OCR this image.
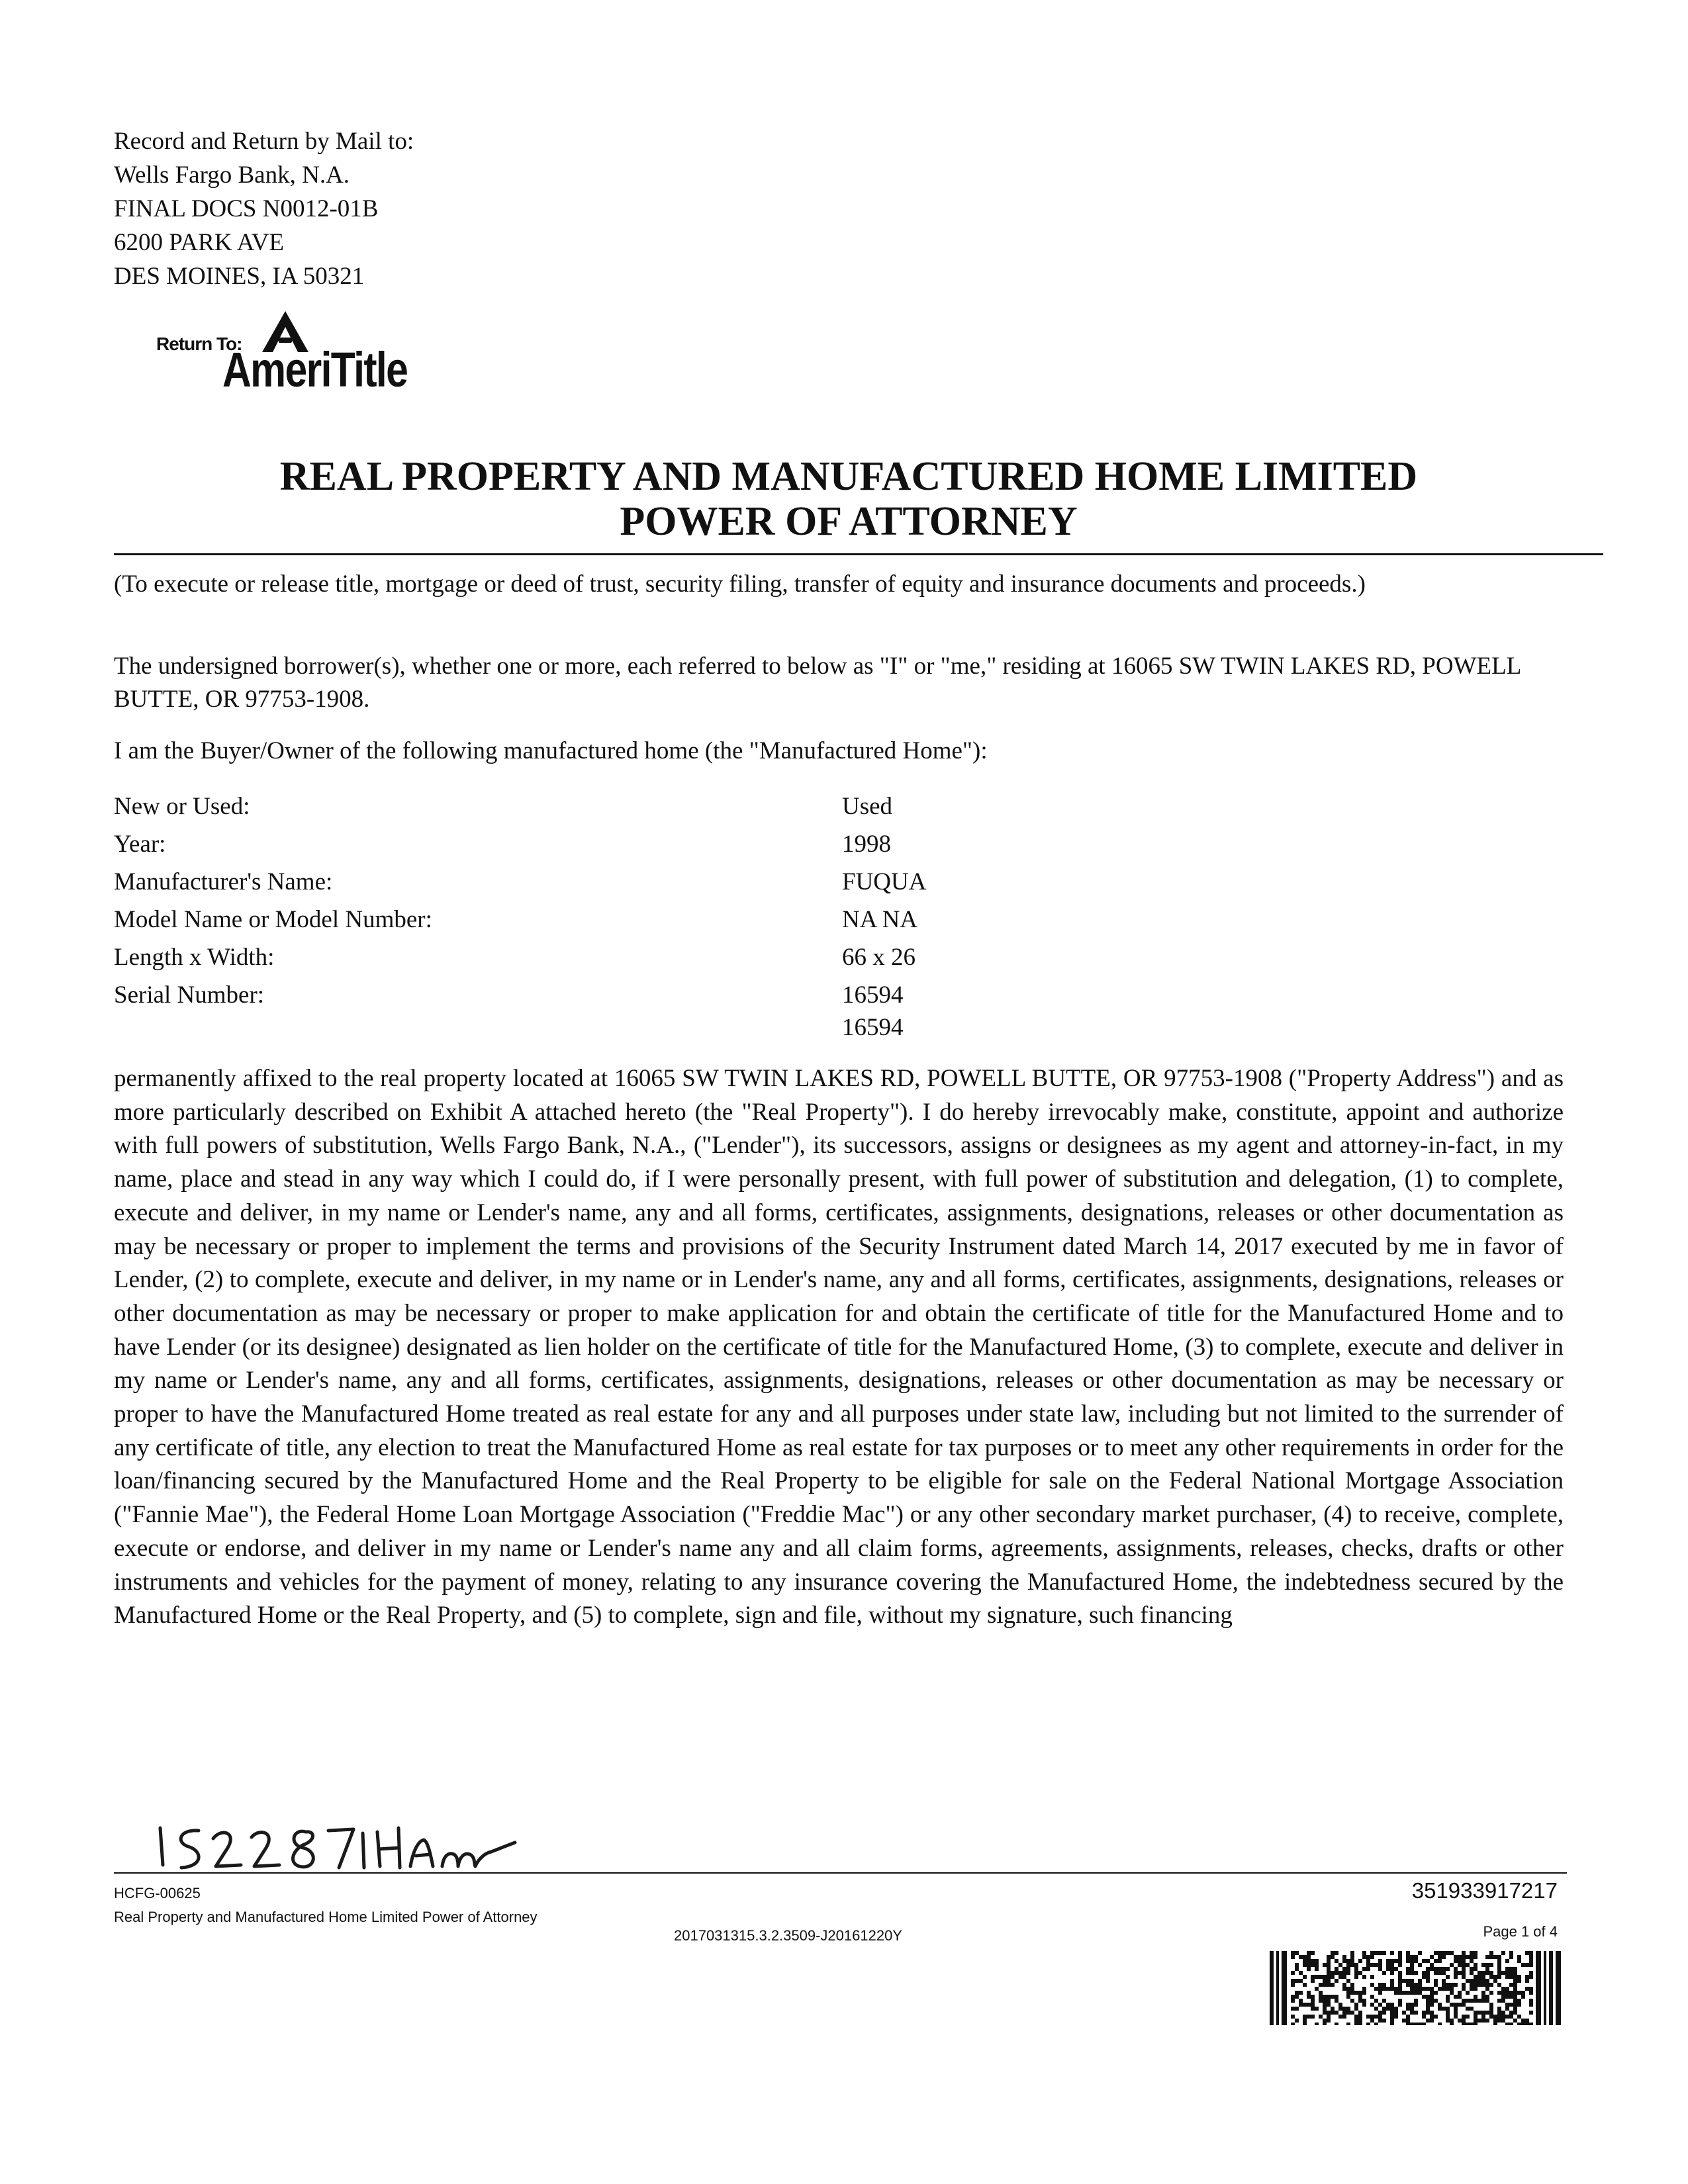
Record and Return by Mail to:
Wells Fargo Bank, N.A.
FINAL DOCS N0012-01B
6200 PARK AVE
DES MOINES, IA 50321
Return To:
AmeriTitle
REAL PROPERTY AND MANUFACTURED HOME LIMITED
POWER OF ATTORNEY
(To execute or release title, mortgage or deed of trust, security filing, transfer of equity and insurance documents and proceeds.)
The undersigned borrower(s), whether one or more, each referred to below as "I" or "me," residing at 16065 SW TWIN LAKES RD, POWELL BUTTE, OR 97753-1908.
I am the Buyer/Owner of the following manufactured home (the "Manufactured Home"):
New or Used:	Used
Year:	1998
Manufacturer's Name:	FUQUA
Model Name or Model Number:	NA NA
Length x Width:	66 x 26
Serial Number:	16594
16594
permanently affixed to the real property located at 16065 SW TWIN LAKES RD, POWELL BUTTE, OR 97753-1908 ("Property Address") and as more particularly described on Exhibit A attached hereto (the "Real Property"). I do hereby irrevocably make, constitute, appoint and authorize with full powers of substitution, Wells Fargo Bank, N.A., ("Lender"), its successors, assigns or designees as my agent and attorney-in-fact, in my name, place and stead in any way which I could do, if I were personally present, with full power of substitution and delegation, (1) to complete, execute and deliver, in my name or Lender's name, any and all forms, certificates, assignments, designations, releases or other documentation as may be necessary or proper to implement the terms and provisions of the Security Instrument dated March 14, 2017 executed by me in favor of Lender, (2) to complete, execute and deliver, in my name or in Lender's name, any and all forms, certificates, assignments, designations, releases or other documentation as may be necessary or proper to make application for and obtain the certificate of title for the Manufactured Home and to have Lender (or its designee) designated as lien holder on the certificate of title for the Manufactured Home, (3) to complete, execute and deliver in my name or Lender's name, any and all forms, certificates, assignments, designations, releases or other documentation as may be necessary or proper to have the Manufactured Home treated as real estate for any and all purposes under state law, including but not limited to the surrender of any certificate of title, any election to treat the Manufactured Home as real estate for tax purposes or to meet any other requirements in order for the loan/financing secured by the Manufactured Home and the Real Property to be eligible for sale on the Federal National Mortgage Association ("Fannie Mae"), the Federal Home Loan Mortgage Association ("Freddie Mac") or any other secondary market purchaser, (4) to receive, complete, execute or endorse, and deliver in my name or Lender's name any and all claim forms, agreements, assignments, releases, checks, drafts or other instruments and vehicles for the payment of money, relating to any insurance covering the Manufactured Home, the indebtedness secured by the Manufactured Home or the Real Property, and (5) to complete, sign and file, without my signature, such financing
1522871Am
HCFG-00625
Real Property and Manufactured Home Limited Power of Attorney
2017031315.3.2.3509-J20161220Y
351933917217
Page 1 of 4
